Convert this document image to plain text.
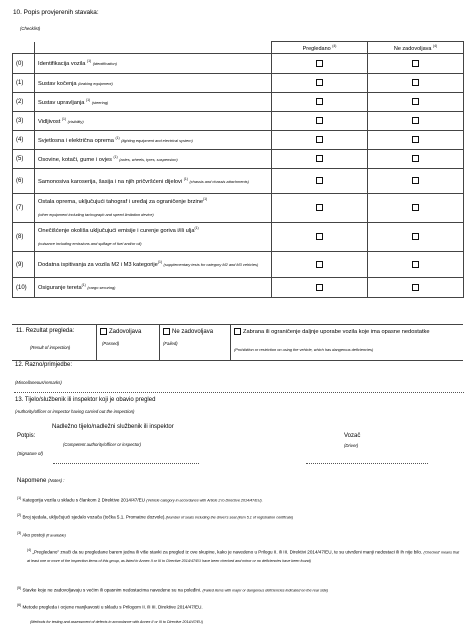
10. Popis provjerenih stavaka:
(Checklist)
		Pregledano $^{(4)}$	Ne zadovoljava $^{(4)}$
(0)	Identifikacija vozila $^{(1)}$ (identification)		
(1)	Sustav kočenja (braking equipment)		
(2)	Sustav upravljanja $^{(1)}$ (steering)		
(3)	Vidljivost $^{(1)}$ (visibility)		
(4)	Svjetlosna i električna oprema $^{(1)}$ (lighting equipment and electrical system)		
(5)	Osovine, kotači, gume i ovjes $^{(1)}$ (axles, wheels, tyres, suspension)		
(6)	Samonosiva karoserija, šasija i na njih pričvršćeni dijelovi $^{(1)}$ (chassis and chassis attachments)		
(7)	Ostala oprema, uključujući tahograf i uređaj za ograničenje brzine$^{(1)}$

(other equipment including tachograph and speed limitation device)		
(8)	Onečišćenje okoliša uključujući emisije i curenje goriva i/ili ulja$^{(1)}$

(nuisance including emissions and spillage of fuel and/or oil)		
(9)	Dodatna ispitivanja za vozila M2 i M3 kategorije$^{(1)}$ (supplementary tests for category M2 and M3 vehicles)		
(10)	Osiguranje tereta$^{(1)}$ (cargo securing)		
11. Rezultat pregleda:
(Result of inspection)
Zadovoljava
(Passed)
Ne zadovoljava
(Failed)
Zabrana ili ograničenje daljnje uporabe vozila koje ima opasne nedostatke
(Prohibition or restriction on using the vehicle, which has dangerous deficiencies)
12. Razno/primjedbe:
(Miscellaneous/remarks)
13. Tijelo/službenik ili inspektor koji je obavio pregled
(Authority/officer or inspector having carried out the inspection)
Potpis:
(Signature of)
Nadležno tijelo/nadležni službenik ili inspektor
(Competent authority/officer or inspector)
Vozač
(Driver)
Napomene (Notes) :
$^{(1)}$ Kategorija vozila u skladu s člankom 2 Direktive 2014/47/EU (Vehicle category in accordance with Article 2 to Directive 2014/47/EU).
$^{(2)}$ Broj sjedala, uključujući sjedalo vozača (točka 5.1. Promatne dozvole).(Number of seats including the driver's seat (item 5.1 of registration certificate)
$^{(3)}$ Ako postoji (if available)
$^{(4)}$ „Pregledano" znači da su pregledane barem jedna ili više stavki za pregled iz ove skupine, kako je navedeno u Prilogu II. ili III. Direktivi 2014/47/EU, te su utvrđeni manji nedostaci ili ih nije bilo. ('checked' means that at least one or more of the inspection items of this group, as listed in Annex II or III to Directive 2014/47/EU have been checked and minor or no deficiencies have been found)
$^{(5)}$ Stavke koje ne zadovoljavaju s većim ili opasnim nedostacima navedene su na poleđini. (Failed items with major or dangerous deficiencies indicated on the rear side)
$^{(6)}$ Metode pregleda i ocjene manjkavosti u skladu s Prilogom II. ili III. Direktive 2014/47/EU.
(Methods for testing and assessment of defects in accordance with Annex II or III to Directive 2014/47/EU)
